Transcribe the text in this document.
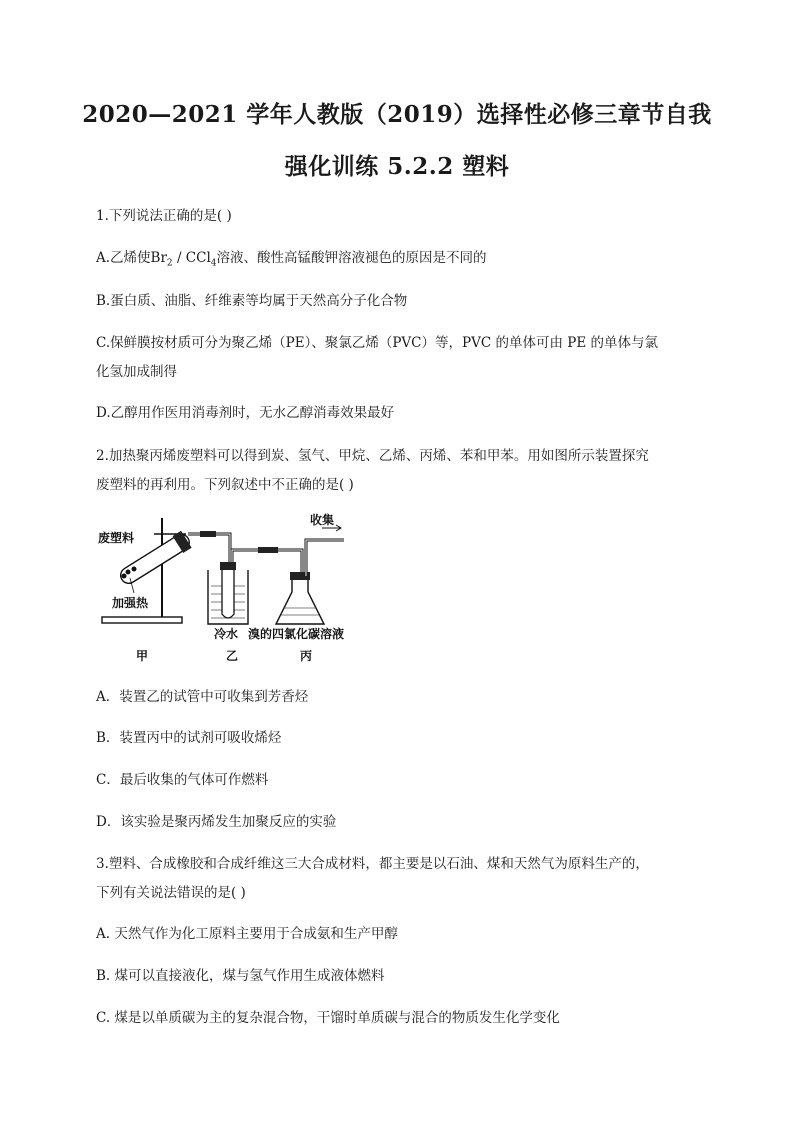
2020—2021 学年人教版（2019）选择性必修三章节自我
强化训练 5.2.2 塑料
1.下列说法正确的是( )
A.乙烯使$Br_2 / CCl_4$溶液、酸性高锰酸钾溶液褪色的原因是不同的
B.蛋白质、油脂、纤维素等均属于天然高分子化合物
C.保鲜膜按材质可分为聚乙烯（PE）、聚氯乙烯（PVC）等，PVC 的单体可由 PE 的单体与氯
化氢加成制得
D.乙醇用作医用消毒剂时，无水乙醇消毒效果最好
2.加热聚丙烯废塑料可以得到炭、氢气、甲烷、乙烯、丙烯、苯和甲苯。用如图所示装置探究
废塑料的再利用。下列叙述中不正确的是( )
废塑料
加强热
收集
冷水 溴的四氯化碳溶液
甲	乙	丙
A．装置乙的试管中可收集到芳香烃
B．装置丙中的试剂可吸收烯烃
C．最后收集的气体可作燃料
D．该实验是聚丙烯发生加聚反应的实验
3.塑料、合成橡胶和合成纤维这三大合成材料，都主要是以石油、煤和天然气为原料生产的，
下列有关说法错误的是( )
A. 天然气作为化工原料主要用于合成氨和生产甲醇
B. 煤可以直接液化，煤与氢气作用生成液体燃料
C. 煤是以单质碳为主的复杂混合物，干馏时单质碳与混合的物质发生化学变化
